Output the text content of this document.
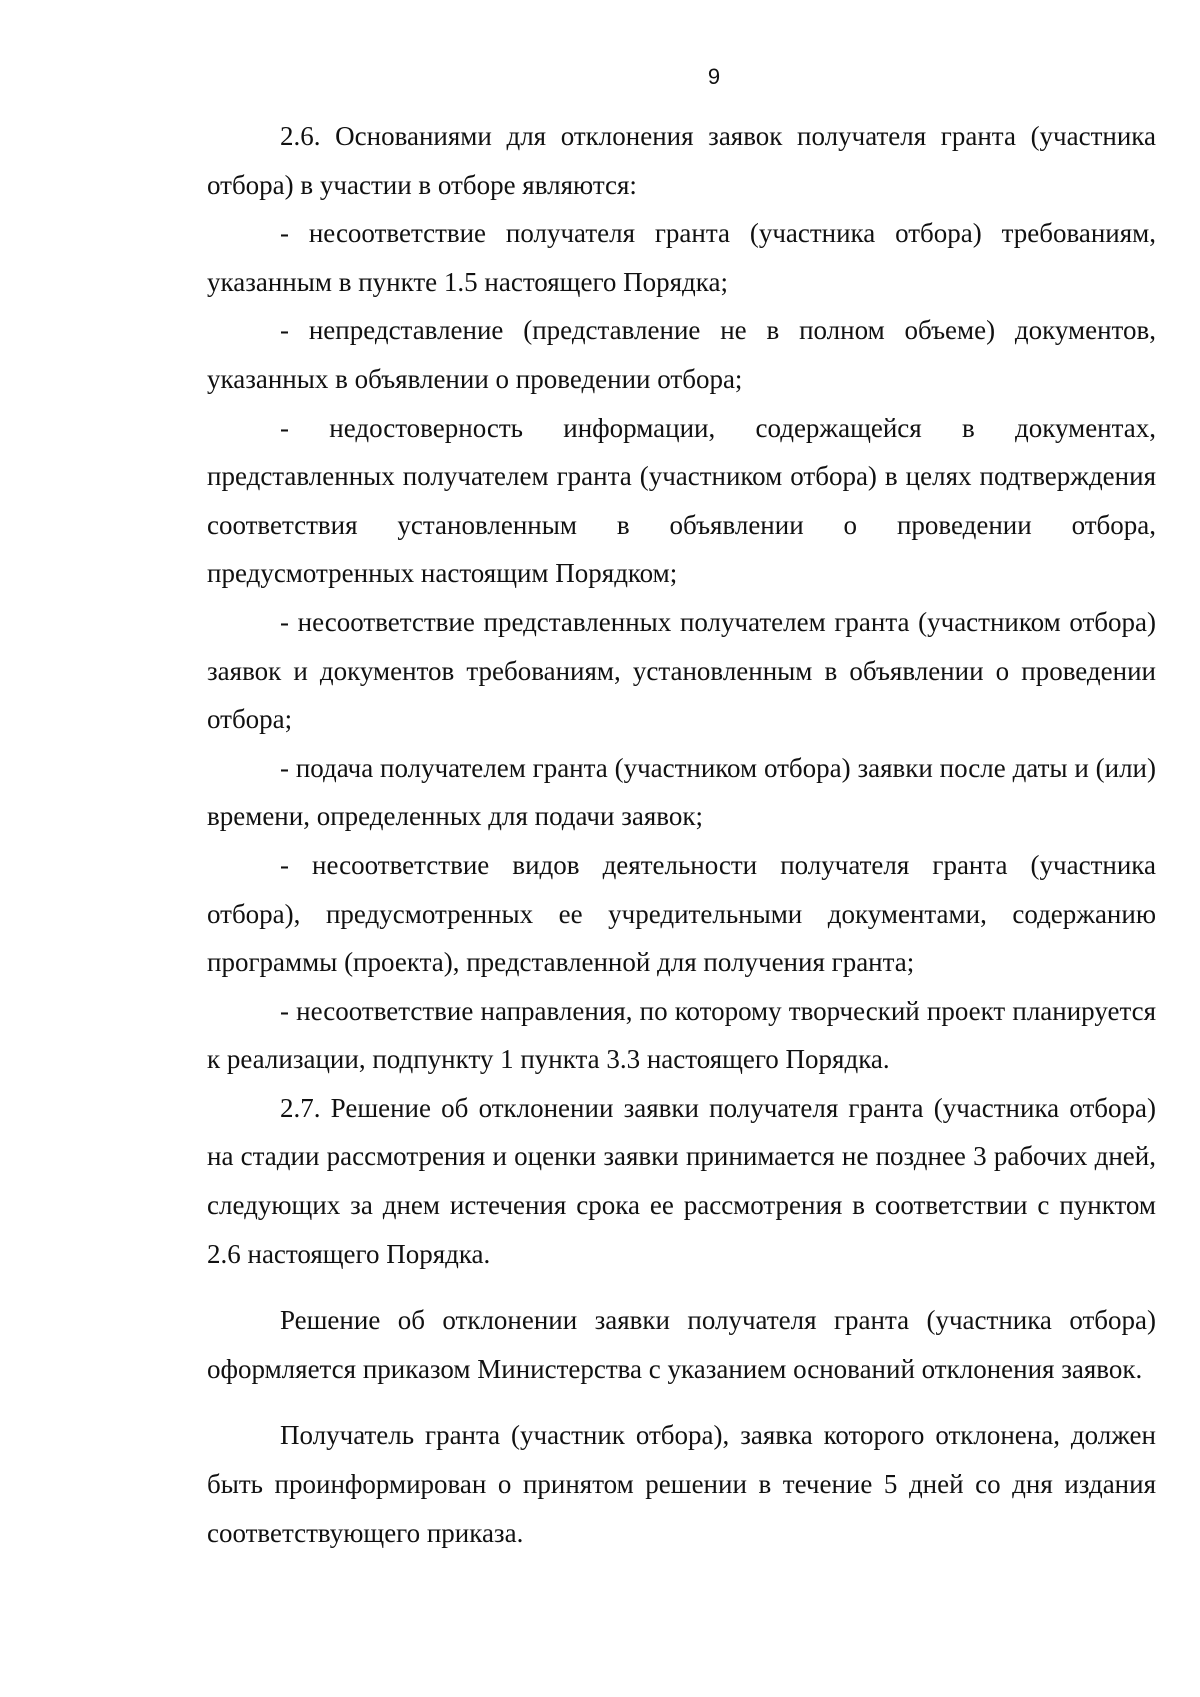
9

2.6. Основаниями для отклонения заявок получателя гранта (участника отбора) в участии в отборе являются:

- несоответствие получателя гранта (участника отбора) требованиям, указанным в пункте 1.5 настоящего Порядка;

- непредставление (представление не в полном объеме) документов, указанных в объявлении о проведении отбора;

- недостоверность информации, содержащейся в документах, представленных получателем гранта (участником отбора) в целях подтверждения соответствия установленным в объявлении о проведении отбора, предусмотренных настоящим Порядком;

- несоответствие представленных получателем гранта (участником отбора) заявок и документов требованиям, установленным в объявлении о проведении отбора;

- подача получателем гранта (участником отбора) заявки после даты и (или) времени, определенных для подачи заявок;

- несоответствие видов деятельности получателя гранта (участника отбора), предусмотренных ее учредительными документами, содержанию программы (проекта), представленной для получения гранта;

- несоответствие направления, по которому творческий проект планируется к реализации, подпункту 1 пункта 3.3 настоящего Порядка.

2.7. Решение об отклонении заявки получателя гранта (участника отбора) на стадии рассмотрения и оценки заявки принимается не позднее 3 рабочих дней, следующих за днем истечения срока ее рассмотрения в соответствии с пунктом 2.6 настоящего Порядка.

Решение об отклонении заявки получателя гранта (участника отбора) оформляется приказом Министерства с указанием оснований отклонения заявок.

Получатель гранта (участник отбора), заявка которого отклонена, должен быть проинформирован о принятом решении в течение 5 дней со дня издания соответствующего приказа.
